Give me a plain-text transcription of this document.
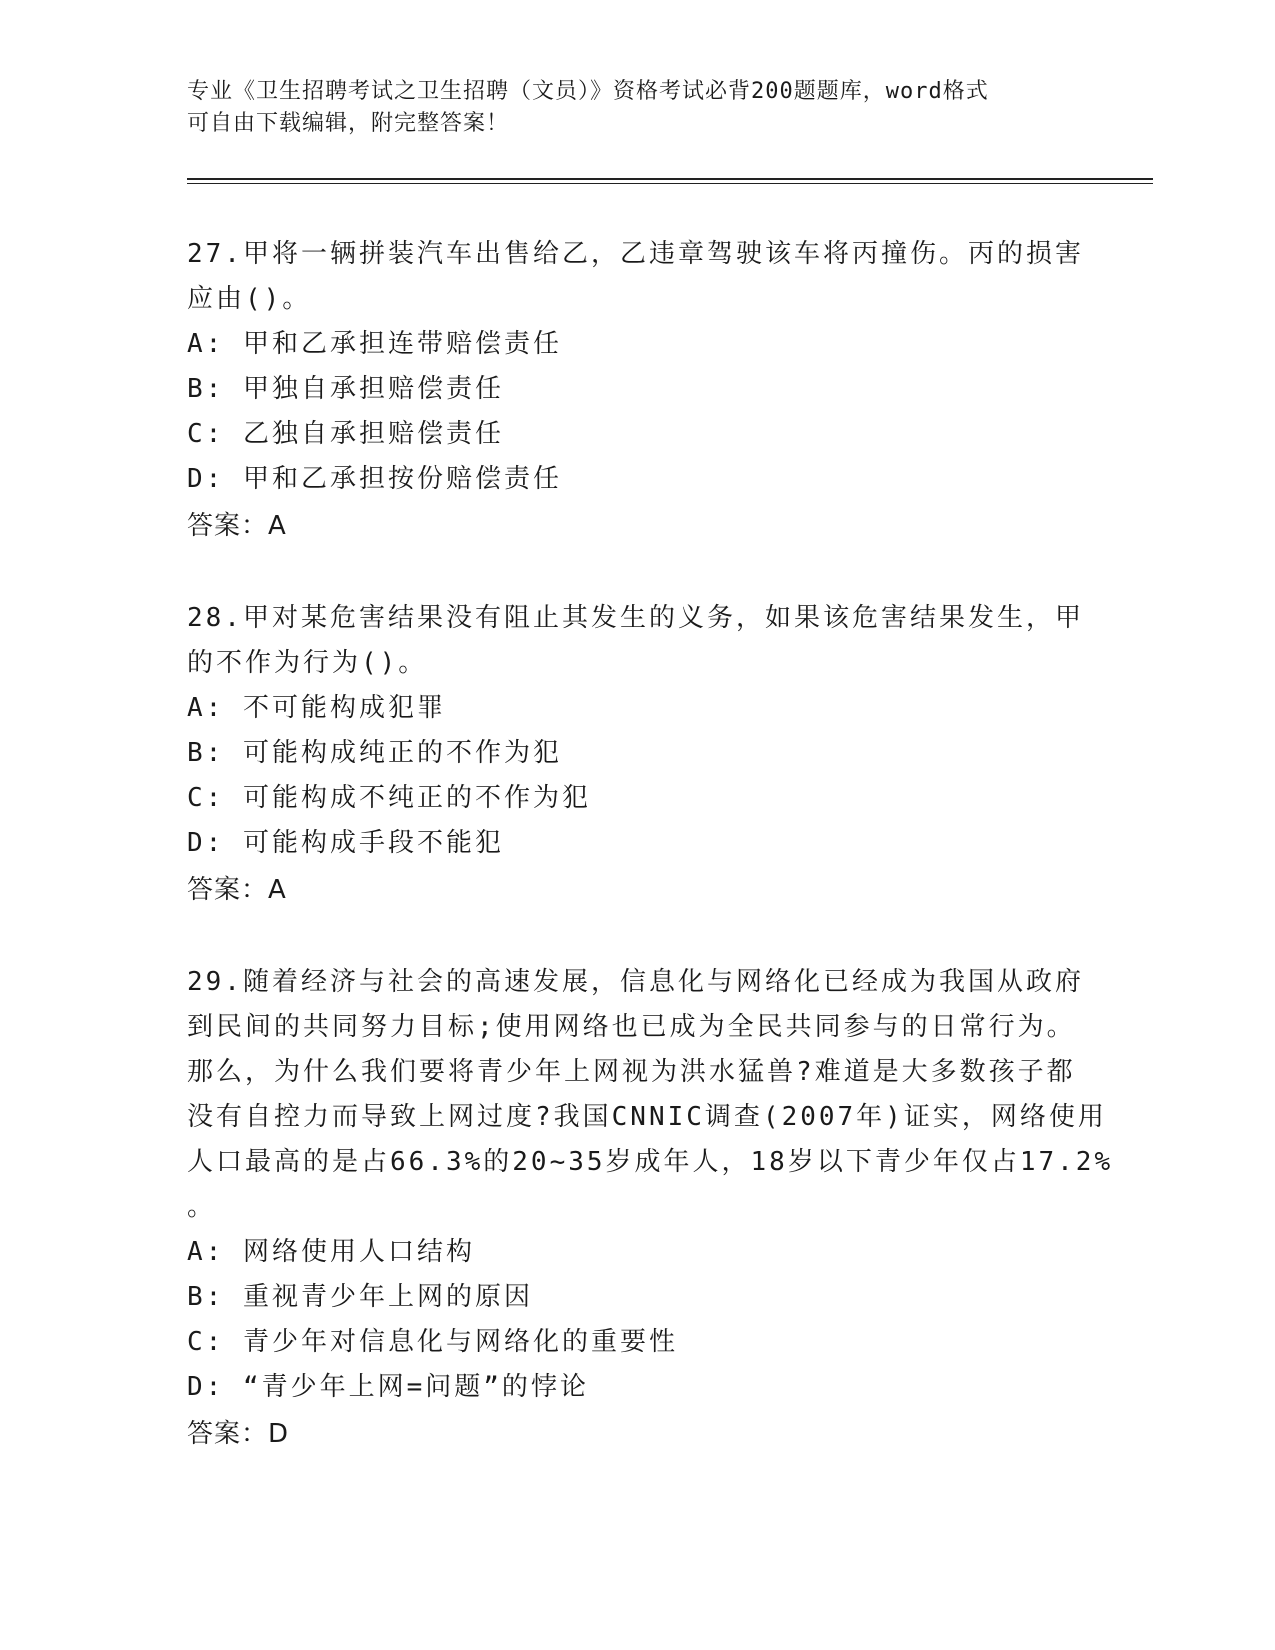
专业《卫生招聘考试之卫生招聘（文员）》资格考试必背200题题库，word格式
可自由下载编辑，附完整答案！
27.甲将一辆拼装汽车出售给乙，乙违章驾驶该车将丙撞伤。丙的损害
应由()。

A: 甲和乙承担连带赔偿责任

B: 甲独自承担赔偿责任

C: 乙独自承担赔偿责任

D: 甲和乙承担按份赔偿责任

答案：A

28.甲对某危害结果没有阻止其发生的义务，如果该危害结果发生，甲
的不作为行为()。

A: 不可能构成犯罪

B: 可能构成纯正的不作为犯

C: 可能构成不纯正的不作为犯

D: 可能构成手段不能犯

答案：A

29.随着经济与社会的高速发展，信息化与网络化已经成为我国从政府
到民间的共同努力目标;使用网络也已成为全民共同参与的日常行为。
那么，为什么我们要将青少年上网视为洪水猛兽?难道是大多数孩子都
没有自控力而导致上网过度?我国CNNIC调查(2007年)证实，网络使用
人口最高的是占66.3%的20~35岁成年人，18岁以下青少年仅占17.2%
。

A: 网络使用人口结构

B: 重视青少年上网的原因

C: 青少年对信息化与网络化的重要性

D: “青少年上网=问题”的悖论

答案：D
